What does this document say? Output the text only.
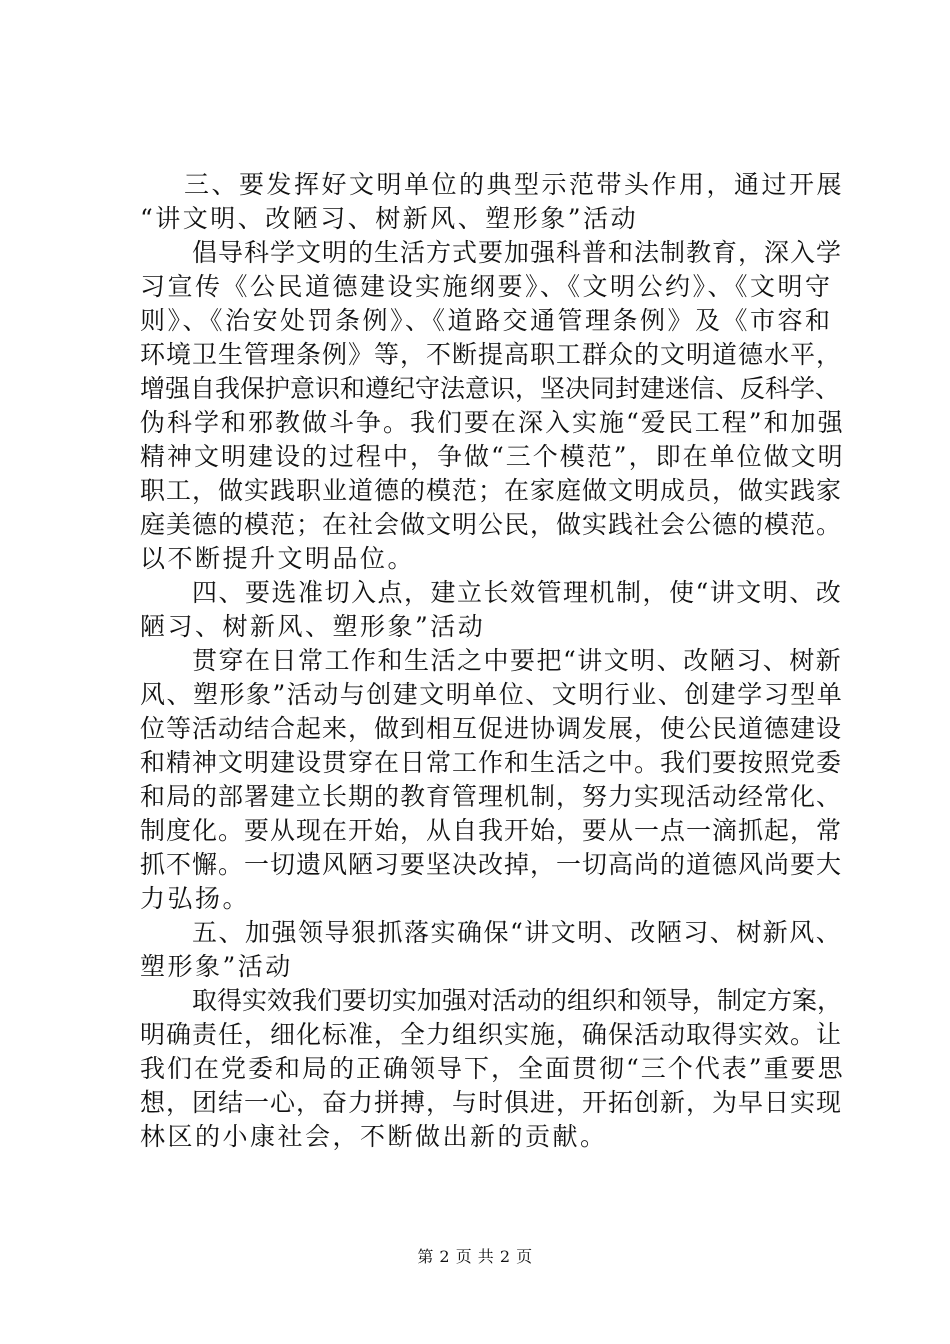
三、要发挥好文明单位的典型示范带头作用，通过开展
“讲文明、改陋习、树新风、塑形象”活动
倡导科学文明的生活方式要加强科普和法制教育，深入学
习宣传《公民道德建设实施纲要》、《文明公约》、《文明守
则》、《治安处罚条例》、《道路交通管理条例》及《市容和
环境卫生管理条例》等，不断提高职工群众的文明道德水平，
增强自我保护意识和遵纪守法意识，坚决同封建迷信、反科学、
伪科学和邪教做斗争。我们要在深入实施“爱民工程”和加强
精神文明建设的过程中，争做“三个模范”，即在单位做文明
职工，做实践职业道德的模范；在家庭做文明成员，做实践家
庭美德的模范；在社会做文明公民，做实践社会公德的模范。
以不断提升文明品位。
四、要选准切入点，建立长效管理机制，使“讲文明、改
陋习、树新风、塑形象”活动
贯穿在日常工作和生活之中要把“讲文明、改陋习、树新
风、塑形象”活动与创建文明单位、文明行业、创建学习型单
位等活动结合起来，做到相互促进协调发展，使公民道德建设
和精神文明建设贯穿在日常工作和生活之中。我们要按照党委
和局的部署建立长期的教育管理机制，努力实现活动经常化、
制度化。要从现在开始，从自我开始，要从一点一滴抓起，常
抓不懈。一切遗风陋习要坚决改掉，一切高尚的道德风尚要大
力弘扬。
五、加强领导狠抓落实确保“讲文明、改陋习、树新风、
塑形象”活动
取得实效我们要切实加强对活动的组织和领导，制定方案，
明确责任，细化标准，全力组织实施，确保活动取得实效。让
我们在党委和局的正确领导下，全面贯彻“三个代表”重要思
想，团结一心，奋力拼搏，与时俱进，开拓创新，为早日实现
林区的小康社会，不断做出新的贡献。
第 2 页 共 2 页
